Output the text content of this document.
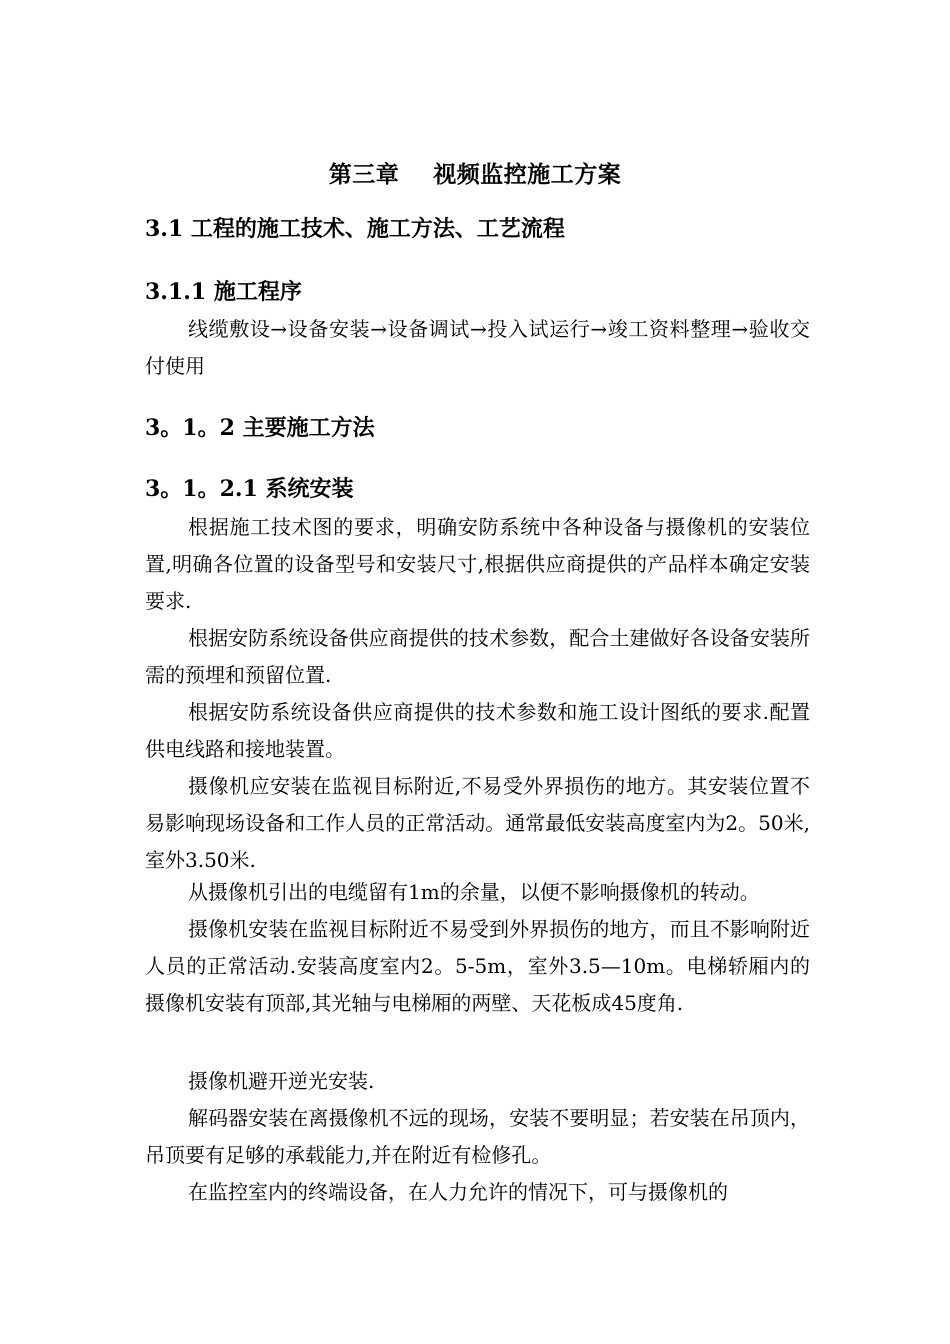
第三章    视频监控施工方案
3.1 工程的施工技术、施工方法、工艺流程
3.1.1 施工程序

线缆敷设→设备安装→设备调试→投入试运行→竣工资料整理→验收交付使用

3。1。2 主要施工方法
3。1。2.1 系统安装

根据施工技术图的要求，明确安防系统中各种设备与摄像机的安装位置,明确各位置的设备型号和安装尺寸,根据供应商提供的产品样本确定安装要求.

根据安防系统设备供应商提供的技术参数，配合土建做好各设备安装所需的预埋和预留位置.

根据安防系统设备供应商提供的技术参数和施工设计图纸的要求.配置供电线路和接地装置。

摄像机应安装在监视目标附近,不易受外界损伤的地方。其安装位置不易影响现场设备和工作人员的正常活动。通常最低安装高度室内为2。50米,室外3.50米.

从摄像机引出的电缆留有1m的余量，以便不影响摄像机的转动。

摄像机安装在监视目标附近不易受到外界损伤的地方，而且不影响附近人员的正常活动.安装高度室内2。5-5m，室外3.5—10m。电梯轿厢内的摄像机安装有顶部,其光轴与电梯厢的两壁、天花板成45度角.

摄像机避开逆光安装.

解码器安装在离摄像机不远的现场，安装不要明显；若安装在吊顶内，吊顶要有足够的承载能力,并在附近有检修孔。

在监控室内的终端设备，在人力允许的情况下，可与摄像机的
